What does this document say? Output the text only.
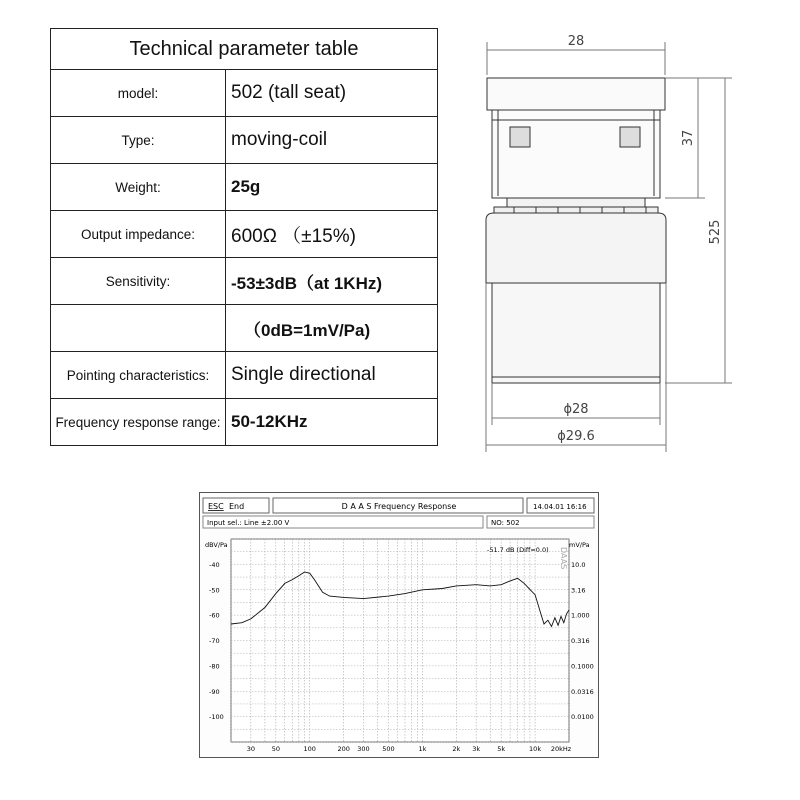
Technical parameter table	
model:	502 (tall seat)
Type:	moving-coil
Weight:	25g
Output impedance:	600Ω （±15%)
Sensitivity:	-53±3dB（at 1KHz)
	（0dB=1mV/Pa)
Pointing characteristics:	Single directional
Frequency response range:	50-12KHz
28
37
525
ϕ28
ϕ29.6
ESC End	D A A S Frequency Response	14.04.01 16:16
Input sel.: Line ±2.00 V	NO: 502
-40
-50
-60
-70
-80
-90
-100
10.0
3.16
1.000
0.316
0.1000
0.0316
0.0100
30	50	100	200 300 500	1k	2k 3k	5k	10k 20kHz
dBV/Pa	mV/Pa
-51.7 dB (Diff=0.0) DAAS
